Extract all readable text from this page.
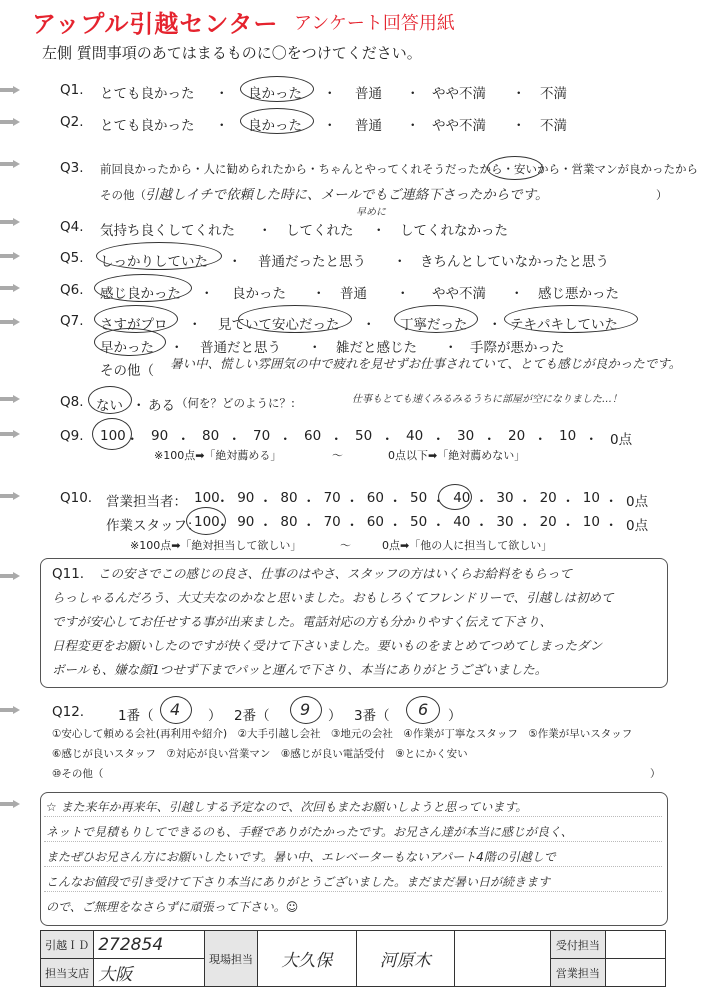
アップル引越センター アンケート回答用紙
左側 質問事項のあてはまるものに〇をつけてください。
Q1. とても良かった ・ 良かった ・ 普通 ・ やや不満 ・ 不満
Q2. とても良かった ・ 良かった ・ 普通 ・ やや不満 ・ 不満
Q3. 前回良かったから・人に勧められたから・ちゃんとやってくれそうだったから・安いから・営業マンが良かったから
その他（ 引越しイチで依頼した時に、メールでもご連絡下さったからです。	）
早めに
Q4. 気持ち良くしてくれた ・ してくれた ・ してくれなかった
Q5. しっかりしていた ・ 普通だったと思う ・ きちんとしていなかったと思う
Q6. 感じ良かった ・ 良かった ・ 普通 ・ やや不満 ・ 感じ悪かった
Q7. さすがプロ ・ 見ていて安心だった ・ 丁寧だった ・ テキパキしていた
早かった ・ 普通だと思う ・ 雑だと感じた ・ 手際が悪かった
その他（ 暑い中、慌しい雰囲気の中で疲れを見せずお仕事されていて、とても感じが良かったです。
仕事もとても速くみるみるうちに部屋が空になりました…！
Q8. ない ・ ある （何を？どのように？:
Q9. 100 ・ 90 ・ 80 ・ 70 ・ 60 ・ 50 ・ 40 ・ 30 ・ 20 ・ 10 ・ 0点
※100点➡「絶対薦める」	〜	0点以下➡「絶対薦めない」
Q10. 営業担当者： 100
・ 90 ・ 80 ・ 70 ・ 60 ・ 50 ・ 40 ・ 30 ・ 20 ・ 10 ・ 0点
作業スタッフ：
100
・ 90 ・ 80 ・ 70 ・ 60 ・ 50 ・ 40 ・ 30 ・ 20 ・ 10 ・ 0点
※100点➡「絶対担当して欲しい」	〜	0点➡「他の人に担当して欲しい」
Q11. この安さでこの感じの良さ、仕事のはやさ、スタッフの方はいくらお給料をもらって
らっしゃるんだろう、大丈夫なのかなと思いました。おもしろくてフレンドリーで、引越しは初めて
ですが安心してお任せする事が出来ました。電話対応の方も分かりやすく伝えて下さり、
日程変更をお願いしたのですが快く受けて下さいました。要いものをまとめてつめてしまったダン
ボールも、嫌な顔1つせず下までパッと運んで下さり、本当にありがとうございました。
Q12.	1番（ 4 ） 2番（ 9 ） 3番（ 6 ）
①安心して頼める会社(再利用や紹介)　②大手引越し会社　③地元の会社　④作業が丁寧なスタッフ　⑤作業が早いスタッフ
⑥感じが良いスタッフ　⑦対応が良い営業マン　⑧感じが良い電話受付　⑨とにかく安い
⑩その他（	）
☆ また来年か再来年、引越しする予定なので、次回もまたお願いしようと思っています。
ネットで見積もりしてできるのも、手軽でありがたかったです。お兄さん達が本当に感じが良く、
またぜひお兄さん方にお願いしたいです。暑い中、エレベーターもないアパート4階の引越しで
こんなお値段で引き受けて下さり本当にありがとうございました。まだまだ暑い日が続きます
ので、ご無理をなさらずに頑張って下さい。☺
引越ＩＤ	272854	現場担当	大久保	河原木		受付担当	
担当支店	大阪					営業担当	
